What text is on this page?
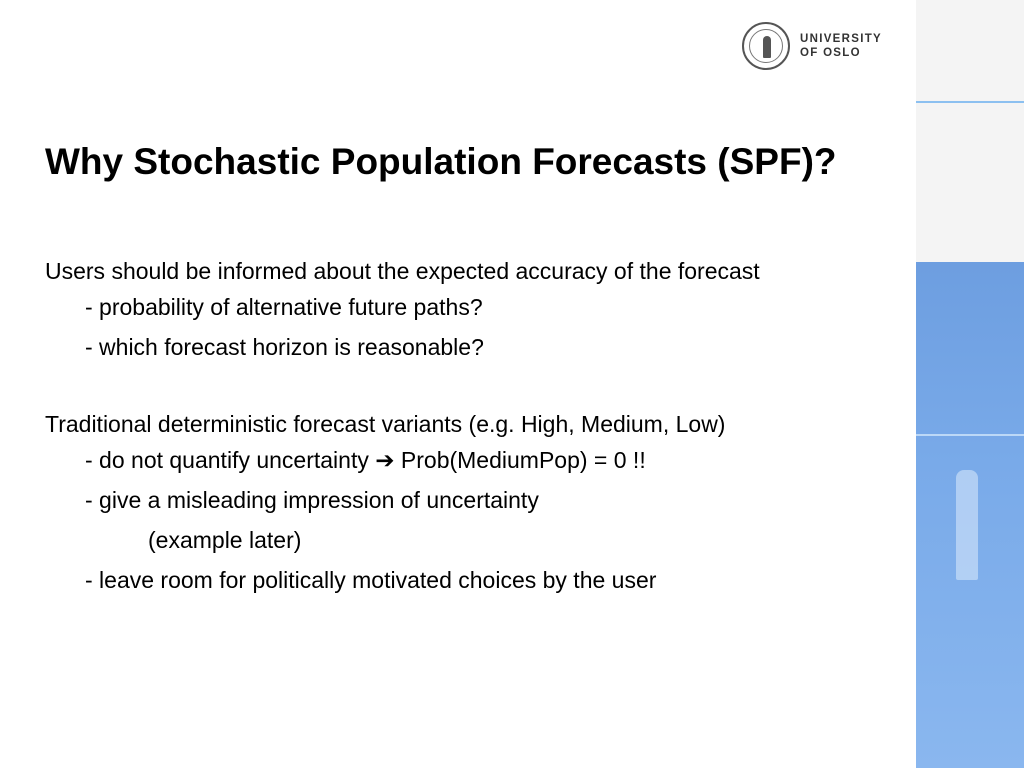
UNIVERSITY
OF OSLO
Why Stochastic Population Forecasts (SPF)?

Users should be informed about the expected accuracy of the forecast

- probability of alternative future paths?

- which forecast horizon is reasonable?

Traditional deterministic forecast variants (e.g. High, Medium, Low)

- do not quantify uncertainty ➔ Prob(MediumPop) = 0 !!

- give a misleading impression of uncertainty

(example later)

- leave room for politically motivated choices by the user
